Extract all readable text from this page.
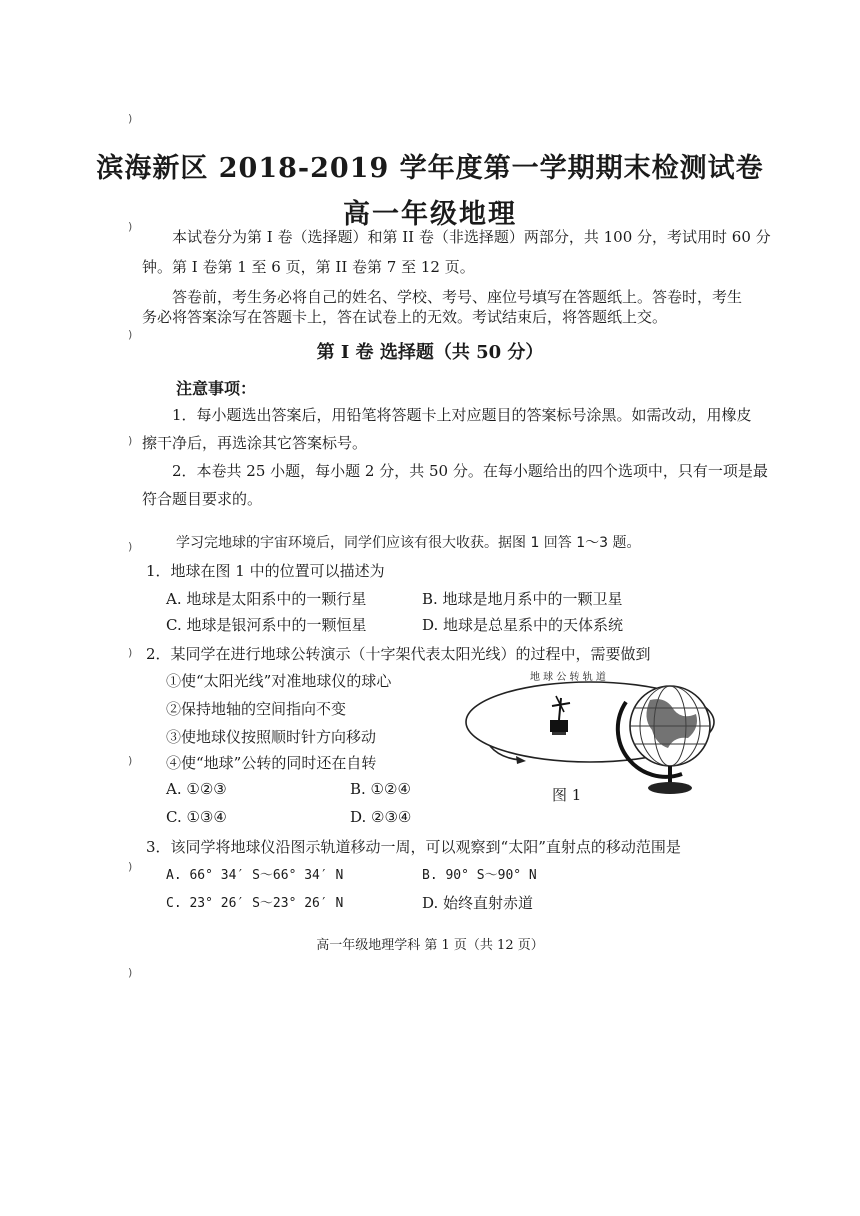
)
)
)
)
)
)
)
)
)
滨海新区 2018-2019 学年度第一学期期末检测试卷
高一年级地理
本试卷分为第 I 卷（选择题）和第 II 卷（非选择题）两部分，共 100 分，考试用时 60 分
钟。第 I 卷第 1 至 6 页，第 II 卷第 7 至 12 页。
答卷前，考生务必将自己的姓名、学校、考号、座位号填写在答题纸上。答卷时，考生
务必将答案涂写在答题卡上，答在试卷上的无效。考试结束后，将答题纸上交。
第 I 卷 选择题（共 50 分）
注意事项：
1．每小题选出答案后，用铅笔将答题卡上对应题目的答案标号涂黑。如需改动，用橡皮
擦干净后，再选涂其它答案标号。
2．本卷共 25 小题，每小题 2 分，共 50 分。在每小题给出的四个选项中，只有一项是最
符合题目要求的。
学习完地球的宇宙环境后，同学们应该有很大收获。据图 1 回答 1～3 题。
1．地球在图 1 中的位置可以描述为
A. 地球是太阳系中的一颗行星	B. 地球是地月系中的一颗卫星
C. 地球是银河系中的一颗恒星	D. 地球是总星系中的天体系统
2．某同学在进行地球公转演示（十字架代表太阳光线）的过程中，需要做到
①使“太阳光线”对准地球仪的球心
②保持地轴的空间指向不变
③使地球仪按照顺时针方向移动
④使“地球”公转的同时还在自转
A. ①②③	B. ①②④
C. ①③④	D. ②③④
地 球 公 转 轨 道
图 1
3．该同学将地球仪沿图示轨道移动一周，可以观察到“太阳”直射点的移动范围是
A. 66° 34′ S～66° 34′ N	B. 90° S～90° N
C. 23° 26′ S～23° 26′ N	D. 始终直射赤道
高一年级地理学科 第 1 页（共 12 页）
